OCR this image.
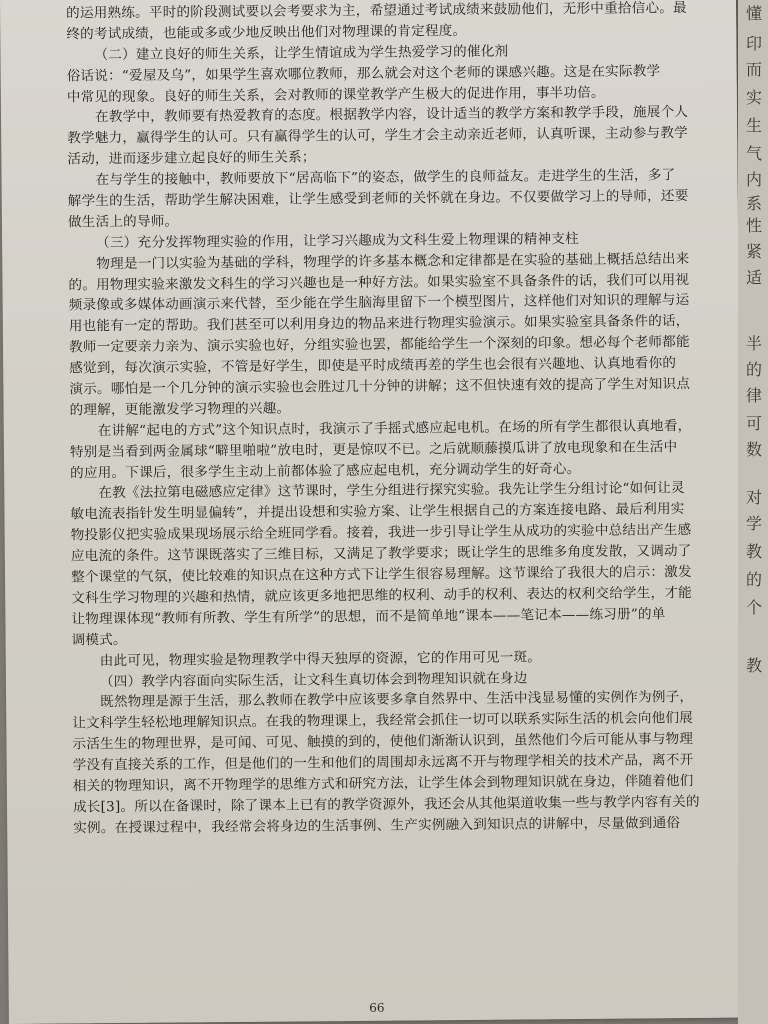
的运用熟练。平时的阶段测试要以会考要求为主，希望通过考试成绩来鼓励他们，无形中重拾信心。最
终的考试成绩，也能或多或少地反映出他们对物理课的肯定程度。
（二）建立良好的师生关系，让学生情谊成为学生热爱学习的催化剂
俗话说：“爱屋及乌”，如果学生喜欢哪位教师，那么就会对这个老师的课感兴趣。这是在实际教学
中常见的现象。良好的师生关系，会对教师的课堂教学产生极大的促进作用，事半功倍。
在教学中，教师要有热爱教育的态度。根据教学内容，设计适当的教学方案和教学手段，施展个人
教学魅力，赢得学生的认可。只有赢得学生的认可，学生才会主动亲近老师，认真听课，主动参与教学
活动，进而逐步建立起良好的师生关系；
在与学生的接触中，教师要放下“居高临下”的姿态，做学生的良师益友。走进学生的生活，多了
解学生的生活，帮助学生解决困难，让学生感受到老师的关怀就在身边。不仅要做学习上的导师，还要
做生活上的导师。
（三）充分发挥物理实验的作用，让学习兴趣成为文科生爱上物理课的精神支柱
物理是一门以实验为基础的学科，物理学的许多基本概念和定律都是在实验的基础上概括总结出来
的。用物理实验来激发文科生的学习兴趣也是一种好方法。如果实验室不具备条件的话，我们可以用视
频录像或多媒体动画演示来代替，至少能在学生脑海里留下一个模型图片，这样他们对知识的理解与运
用也能有一定的帮助。我们甚至可以利用身边的物品来进行物理实验演示。如果实验室具备条件的话，
教师一定要亲力亲为、演示实验也好，分组实验也罢，都能给学生一个深刻的印象。想必每个老师都能
感觉到，每次演示实验，不管是好学生，即使是平时成绩再差的学生也会很有兴趣地、认真地看你的
演示。哪怕是一个几分钟的演示实验也会胜过几十分钟的讲解；这不但快速有效的提高了学生对知识点
的理解，更能激发学习物理的兴趣。
在讲解“起电的方式”这个知识点时，我演示了手摇式感应起电机。在场的所有学生都很认真地看，
特别是当看到两金属球“噼里啪啦”放电时，更是惊叹不已。之后就顺藤摸瓜讲了放电现象和在生活中
的应用。下课后，很多学生主动上前都体验了感应起电机，充分调动学生的好奇心。
在教《法拉第电磁感应定律》这节课时，学生分组进行探究实验。我先让学生分组讨论“如何让灵
敏电流表指针发生明显偏转”，并提出设想和实验方案、让学生根据自己的方案连接电路、最后利用实
物投影仪把实验成果现场展示给全班同学看。接着，我进一步引导让学生从成功的实验中总结出产生感
应电流的条件。这节课既落实了三维目标，又满足了教学要求；既让学生的思维多角度发散，又调动了
整个课堂的气氛，使比较难的知识点在这种方式下让学生很容易理解。这节课给了我很大的启示：激发
文科生学习物理的兴趣和热情，就应该更多地把思维的权利、动手的权利、表达的权利交给学生，才能
让物理课体现“教师有所教、学生有所学”的思想，而不是简单地“课本——笔记本——练习册”的单
调模式。
由此可见，物理实验是物理教学中得天独厚的资源，它的作用可见一斑。
（四）教学内容面向实际生活，让文科生真切体会到物理知识就在身边
既然物理是源于生活，那么教师在教学中应该要多拿自然界中、生活中浅显易懂的实例作为例子，
让文科学生轻松地理解知识点。在我的物理课上，我经常会抓住一切可以联系实际生活的机会向他们展
示活生生的物理世界，是可闻、可见、触摸的到的，使他们渐渐认识到，虽然他们今后可能从事与物理
学没有直接关系的工作，但是他们的一生和他们的周围却永远离不开与物理学相关的技术产品，离不开
相关的物理知识，离不开物理学的思维方式和研究方法，让学生体会到物理知识就在身边，伴随着他们
成长[3]。所以在备课时，除了课本上已有的教学资源外，我还会从其他渠道收集一些与教学内容有关的
实例。在授课过程中，我经常会将身边的生活事例、生产实例融入到知识点的讲解中，尽量做到通俗
66
懂
印
而
实
生
气
内
系
性
紧
适
半
的
律
可
数
对
学
教
的
个
教
